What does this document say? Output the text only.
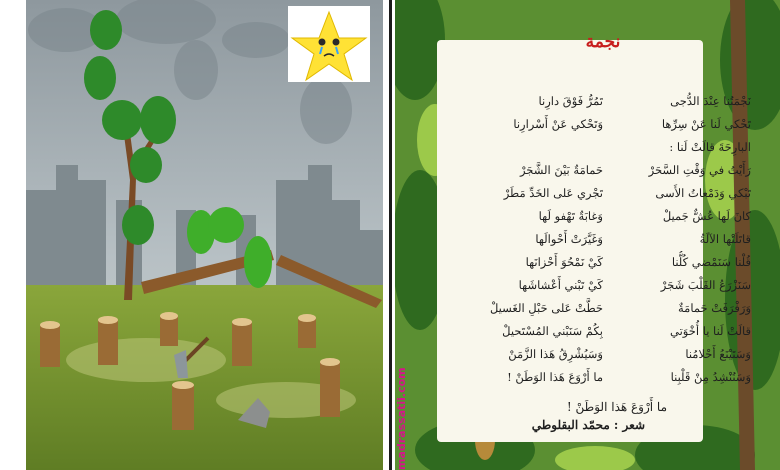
نجمة
نَجْمَتُنا عِنْدَ الدُّجى
تَحْكي لَنا عَنْ سِرِّها
البارِحَةَ قالَتْ لَنا :
رَأَيْتُ في وَقْتِ السَّحَرْ
تَبْكي وَدَمْعاتُ الأَسى
كانَ لَها عُشٌّ جَميلْ
قاتَلَتْها الآلَةُ
قُلْنا سَنَمْضي كُلُّنا
سَنَزْرَعُ القَلْبَ شَجَرْ
وَرَفْرَفَتْ حَمامَةٌ
قالَتْ لَنا يا أُخْوَتي
وَسَتَيْنَعُ أَحْلامُنا
وَسَنُنْشِدُ مِنْ قَلْبِنا
تَمُرُّ فَوْقَ دارِنا
وَتَحْكي عَنْ أَسْرارِنا
حَمامَةٌ بَيْنَ الشَّجَرْ
تَجْري عَلى الخَدِّ مَطَرْ
وَغابَةٌ تَهْفو لَها
وَغَيَّرَتْ أَحْوالَها
كَيْ نَمْحُوَ أَحْزانَها
كَيْ تَبْني أَعْشاشَها
حَطَّتْ عَلى حَبْلِ الغَسيلْ
بِكُمْ سَنَبْني المُسْتَحيلْ
وَسَيُشْرِقُ هَذا الزَّمَنْ
ما أَرْوَعَ هَذا الوَطَنْ !
ما أَرْوَعَ هَذا الوَطَنْ !
شعر : محمّد البقلوطي
madrassatii.com
